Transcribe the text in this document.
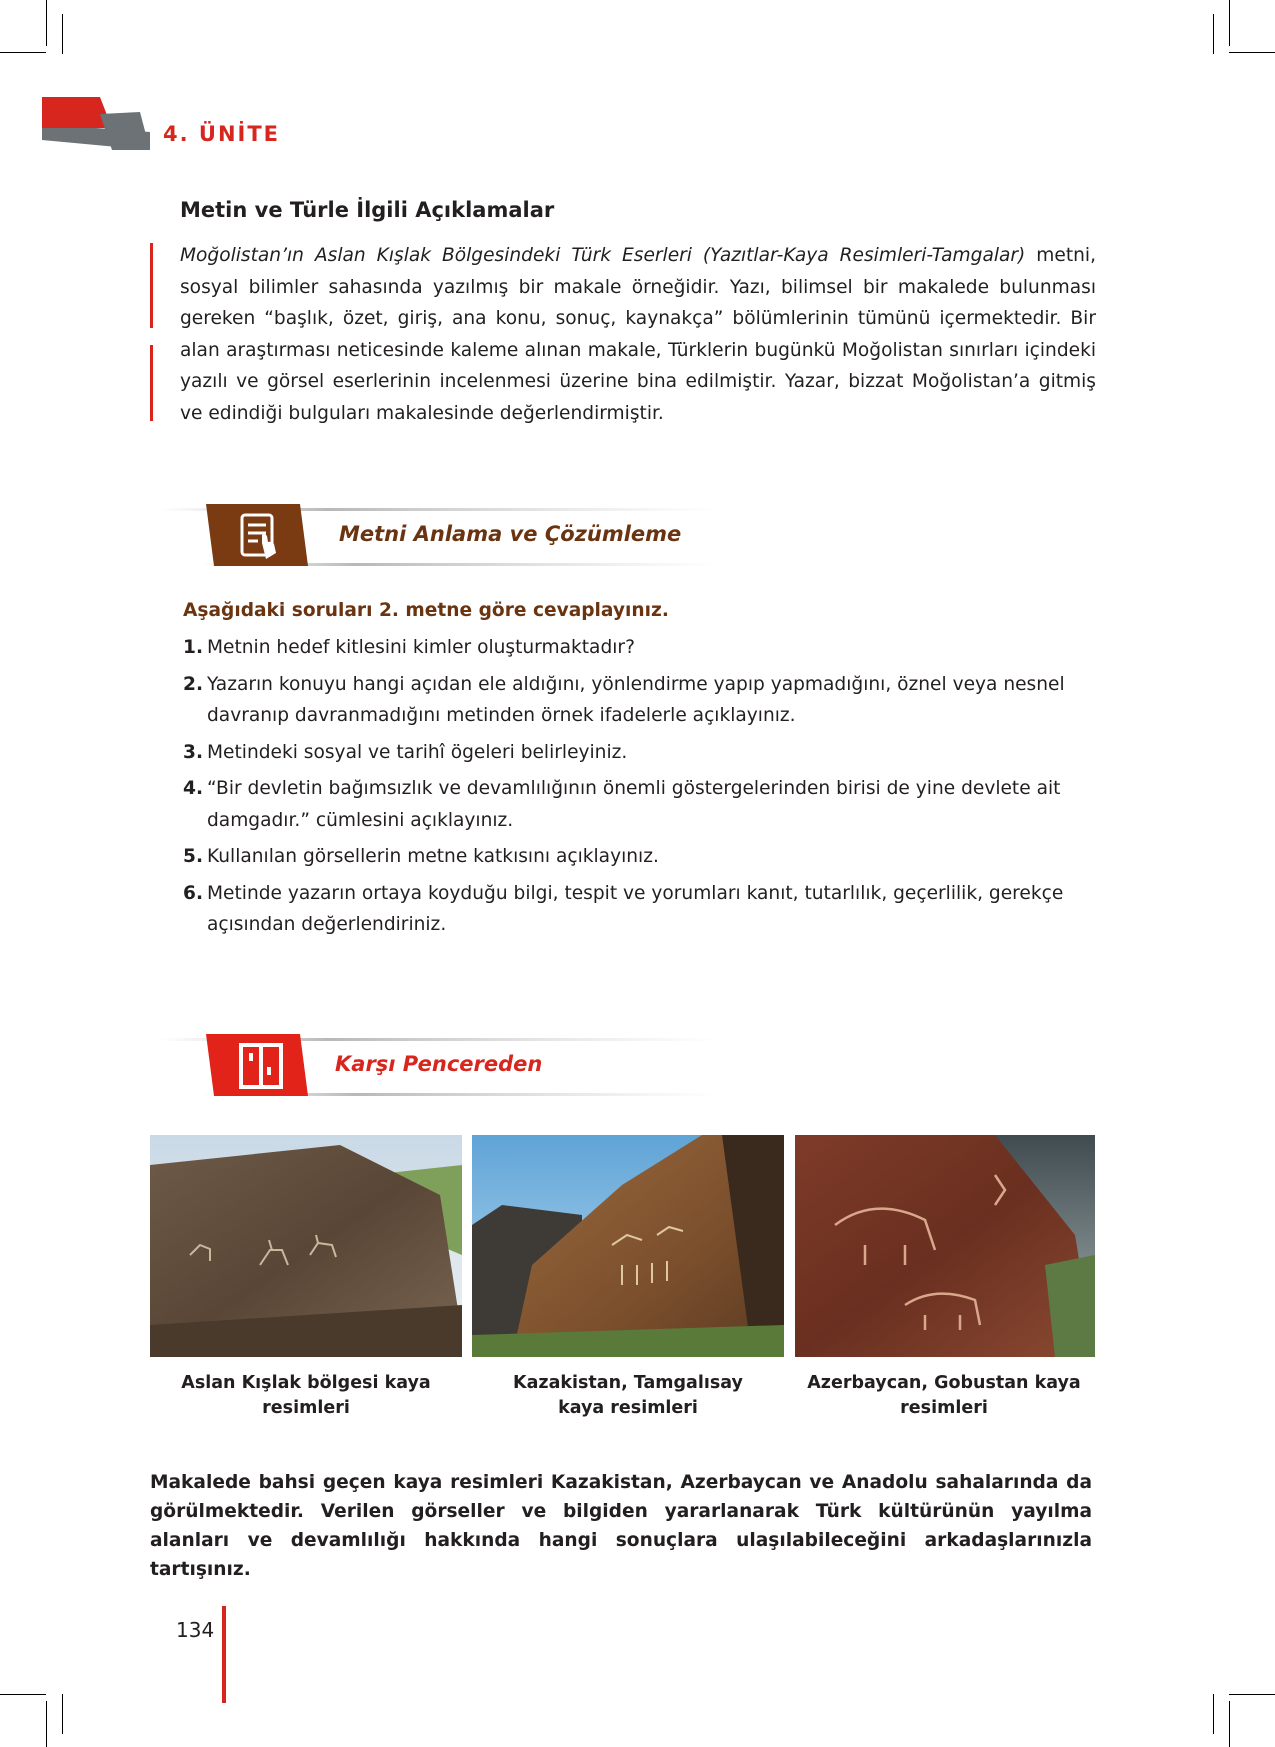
4. ÜNİTE
Metin ve Türle İlgili Açıklamalar
Moğolistan’ın Aslan Kışlak Bölgesindeki Türk Eserleri (Yazıtlar-Kaya Resimleri-Tamgalar) metni, sosyal bilimler sahasında yazılmış bir makale örneğidir. Yazı, bilimsel bir makalede bulunması gereken “başlık, özet, giriş, ana konu, sonuç, kaynakça” bölümlerinin tümünü içermektedir. Bir alan araştırması neticesinde kaleme alınan makale, Türklerin bugünkü Moğolistan sınırları içindeki yazılı ve görsel eserlerinin incelenmesi üzerine bina edilmiştir. Yazar, bizzat Moğolistan’a gitmiş ve edindiği bulguları makalesinde değerlendirmiştir.
Metni Anlama ve Çözümleme
Aşağıdaki soruları 2. metne göre cevaplayınız.
1. Metnin hedef kitlesini kimler oluşturmaktadır?
2. Yazarın konuyu hangi açıdan ele aldığını, yönlendirme yapıp yapmadığını, öznel veya nesnel davranıp davranmadığını metinden örnek ifadelerle açıklayınız.
3. Metindeki sosyal ve tarihî ögeleri belirleyiniz.
4. “Bir devletin bağımsızlık ve devamlılığının önemli göstergelerinden birisi de yine devlete ait damgadır.” cümlesini açıklayınız.
5. Kullanılan görsellerin metne katkısını açıklayınız.
6. Metinde yazarın ortaya koyduğu bilgi, tespit ve yorumları kanıt, tutarlılık, geçerlilik, gerekçe açısından değerlendiriniz.
Karşı Pencereden
Aslan Kışlak bölgesi kaya resimleri
Kazakistan, Tamgalısay kaya resimleri
Azerbaycan, Gobustan kaya resimleri
Makalede bahsi geçen kaya resimleri Kazakistan, Azerbaycan ve Anadolu sahalarında da görülmektedir. Verilen görseller ve bilgiden yararlanarak Türk kültürünün yayılma alanları ve devamlılığı hakkında hangi sonuçlara ulaşılabileceğini arkadaşlarınızla tartışınız.
134
